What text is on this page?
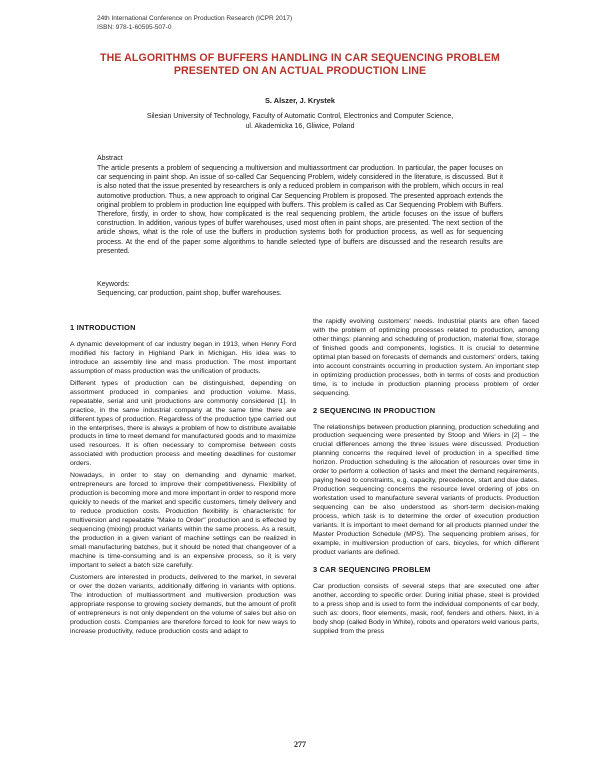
24th International Conference on Production Research (ICPR 2017)
ISBN: 978-1-60595-507-0
THE ALGORITHMS OF BUFFERS HANDLING IN CAR SEQUENCING PROBLEM
PRESENTED ON AN ACTUAL PRODUCTION LINE
S. Alszer, J. Krystek
Silesian University of Technology, Faculty of Automatic Control, Electronics and Computer Science,
ul. Akademicka 16, Gliwice, Poland
Abstract

The article presents a problem of sequencing a multiversion and multiassortment car production. In particular, the paper focuses on car sequencing in paint shop. An issue of so-called Car Sequencing Problem, widely considered in the literature, is discussed. But it is also noted that the issue presented by researchers is only a reduced problem in comparison with the problem, which occurs in real automotive production. Thus, a new approach to original Car Sequencing Problem is proposed. The presented approach extends the original problem to problem in production line equipped with buffers. This problem is called as Car Sequencing Problem with Buffers. Therefore, firstly, in order to show, how complicated is the real sequencing problem, the article focuses on the issue of buffers construction. In addition, various types of buffer warehouses, used most often in paint shops, are presented. The next section of the article shows, what is the role of use the buffers in production systems both for production process, as well as for sequencing process. At the end of the paper some algorithms to handle selected type of buffers are discussed and the research results are presented.

Keywords:
Sequencing, car production, paint shop, buffer warehouses.
1 INTRODUCTION

A dynamic development of car industry began in 1913, when Henry Ford modified his factory in Highland Park in Michigan. His idea was to introduce an assembly line and mass production. The most important assumption of mass production was the unification of products.

Different types of production can be distinguished, depending on assortment produced in companies and production volume. Mass, repeatable, serial and unit productions are commonly considered [1]. In practice, in the same industrial company at the same time there are different types of production. Regardless of the production type carried out in the enterprises, there is always a problem of how to distribute available products in time to meet demand for manufactured goods and to maximize used resources. It is often necessary to compromise between costs associated with production process and meeting deadlines for customer orders.

Nowadays, in order to stay on demanding and dynamic market, entrepreneurs are forced to improve their competitiveness. Flexibility of production is becoming more and more important in order to respond more quickly to needs of the market and specific customers, timely delivery and to reduce production costs. Production flexibility is characteristic for multiversion and repeatable "Make to Order" production and is effected by sequencing (mixing) product variants within the same process. As a result, the production in a given variant of machine settings can be realized in small manufacturing batches, but it should be noted that changeover of a machine is time-consuming and is an expensive process, so it is very important to select a batch size carefully.

Customers are interested in products, delivered to the market, in several or over the dozen variants, additionally differing in variants with options. The introduction of multiassortment and multiversion production was appropriate response to growing society demands, but the amount of profit of entrepreneurs is not only dependent on the volume of sales but also on production costs. Companies are therefore forced to look for new ways to increase productivity, reduce production costs and adapt to

the rapidly evolving customers' needs. Industrial plants are often faced with the problem of optimizing processes related to production, among other things: planning and scheduling of production, material flow, storage of finished goods and components, logistics. It is crucial to determine optimal plan based on forecasts of demands and customers' orders, taking into account constraints occurring in production system. An important step in optimizing production processes, both in terms of costs and production time, is to include in production planning process problem of order sequencing.

2 SEQUENCING IN PRODUCTION

The relationships between production planning, production scheduling and production sequencing were presented by Stoop and Wiers in [2] – the crucial differences among the three issues were discussed. Production planning concerns the required level of production in a specified time horizon. Production scheduling is the allocation of resources over time in order to perform a collection of tasks and meet the demand requirements, paying heed to constraints, e.g. capacity, precedence, start and due dates. Production sequencing concerns the resource level ordering of jobs on workstation used to manufacture several variants of products. Production sequencing can be also understood as short-term decision-making process, which task is to determine the order of execution production variants. It is important to meet demand for all products planned under the Master Production Schedule (MPS). The sequencing problem arises, for example, in multiversion production of cars, bicycles, for which different product variants are defined.

3 CAR SEQUENCING PROBLEM

Car production consists of several steps that are executed one after another, according to specific order. During initial phase, steel is provided to a press shop and is used to form the individual components of car body, such as: doors, floor elements, mask, roof, fenders and others. Next, in a body shop (called Body in White), robots and operators weld various parts, supplied from the press

277
